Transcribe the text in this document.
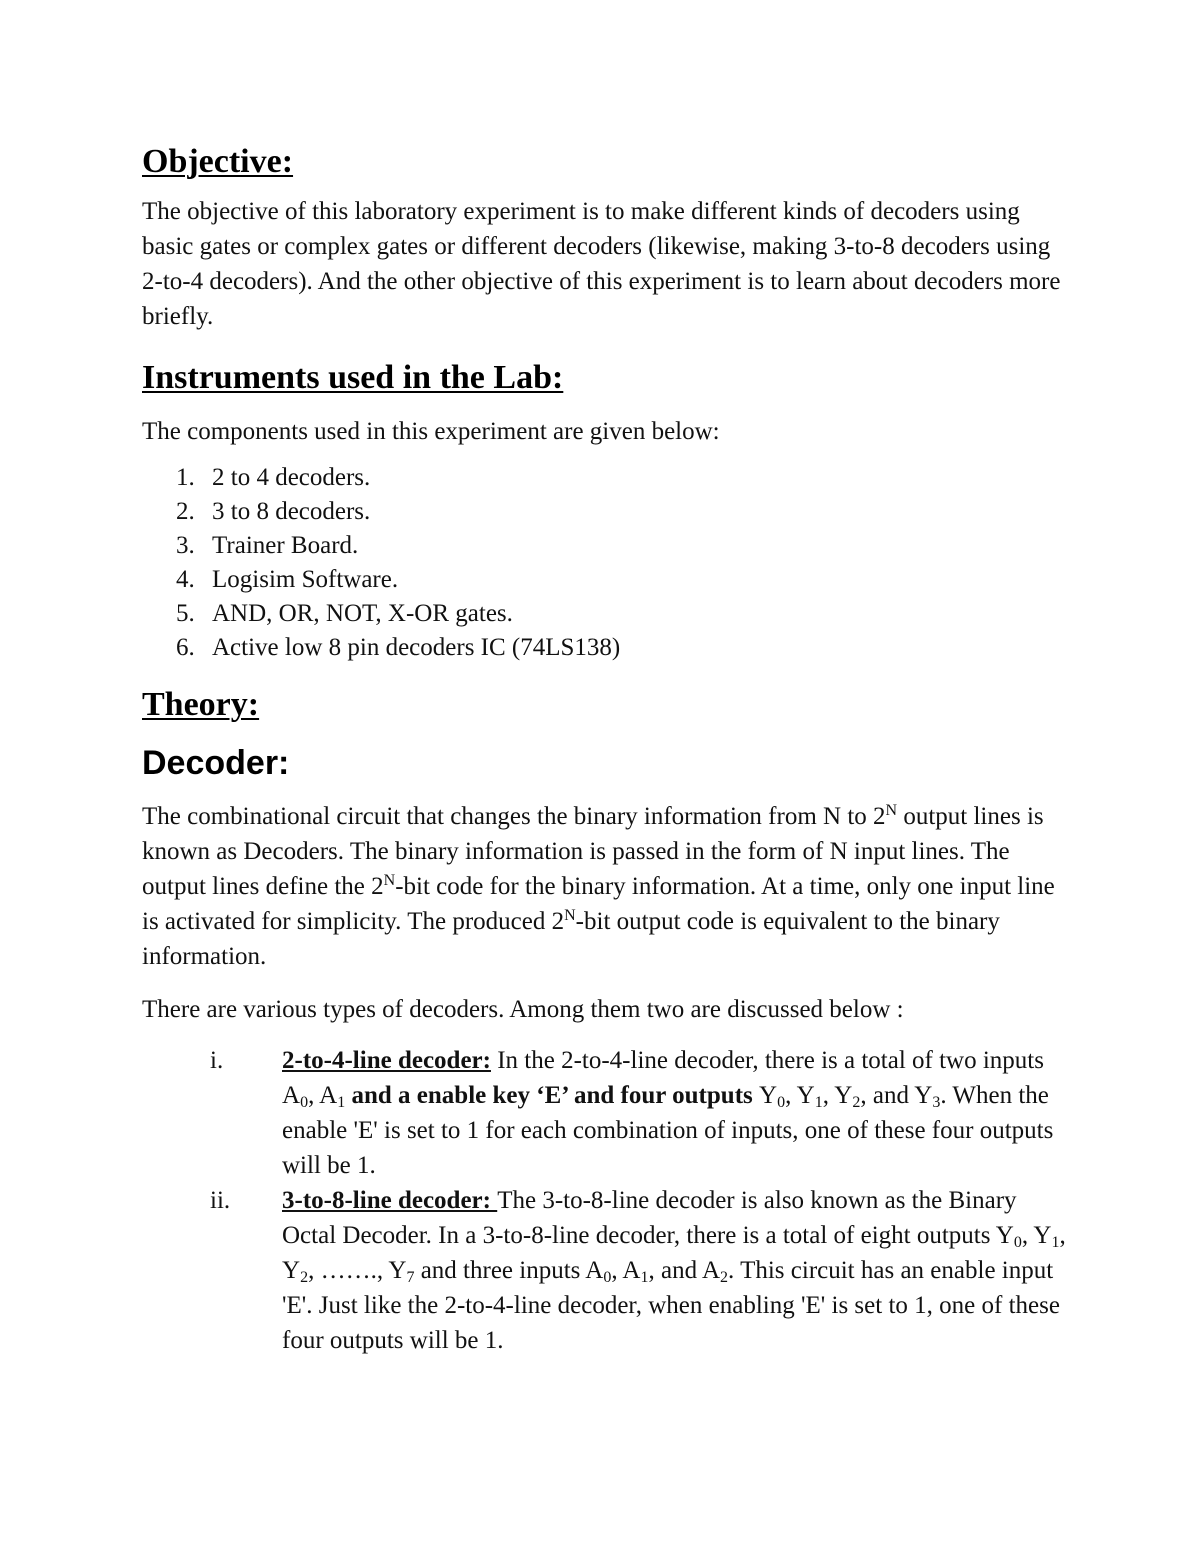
Objective:

The objective of this laboratory experiment is to make different kinds of decoders using basic gates or complex gates or different decoders (likewise, making 3-to-8 decoders using 2-to-4 decoders). And the other objective of this experiment is to learn about decoders more briefly.

Instruments used in the Lab:

The components used in this experiment are given below:

1. 2 to 4 decoders.
2. 3 to 8 decoders.
3. Trainer Board.
4. Logisim Software.
5. AND, OR, NOT, X-OR gates.
6. Active low 8 pin decoders IC (74LS138)
Theory:
Decoder:

The combinational circuit that changes the binary information from N to $2^N$ output lines is known as Decoders. The binary information is passed in the form of N input lines. The output lines define the $2^N$-bit code for the binary information. At a time, only one input line is activated for simplicity. The produced $2^N$-bit output code is equivalent to the binary information.

There are various types of decoders. Among them two are discussed below :

i. 2-to-4-line decoder: In the 2-to-4-line decoder, there is a total of two inputs $A_0$, $A_1$ and a enable key ‘E’ and four outputs $Y_0$, $Y_1$, $Y_2$, and $Y_3$. When the enable 'E' is set to 1 for each combination of inputs, one of these four outputs will be 1.
ii. 3-to-8-line decoder: The 3-to-8-line decoder is also known as the Binary Octal Decoder. In a 3-to-8-line decoder, there is a total of eight outputs $Y_0$, $Y_1$, $Y_2$, ……., $Y_7$ and three inputs $A_0$, $A_1$, and $A_2$. This circuit has an enable input 'E'. Just like the 2-to-4-line decoder, when enabling 'E' is set to 1, one of these four outputs will be 1.
